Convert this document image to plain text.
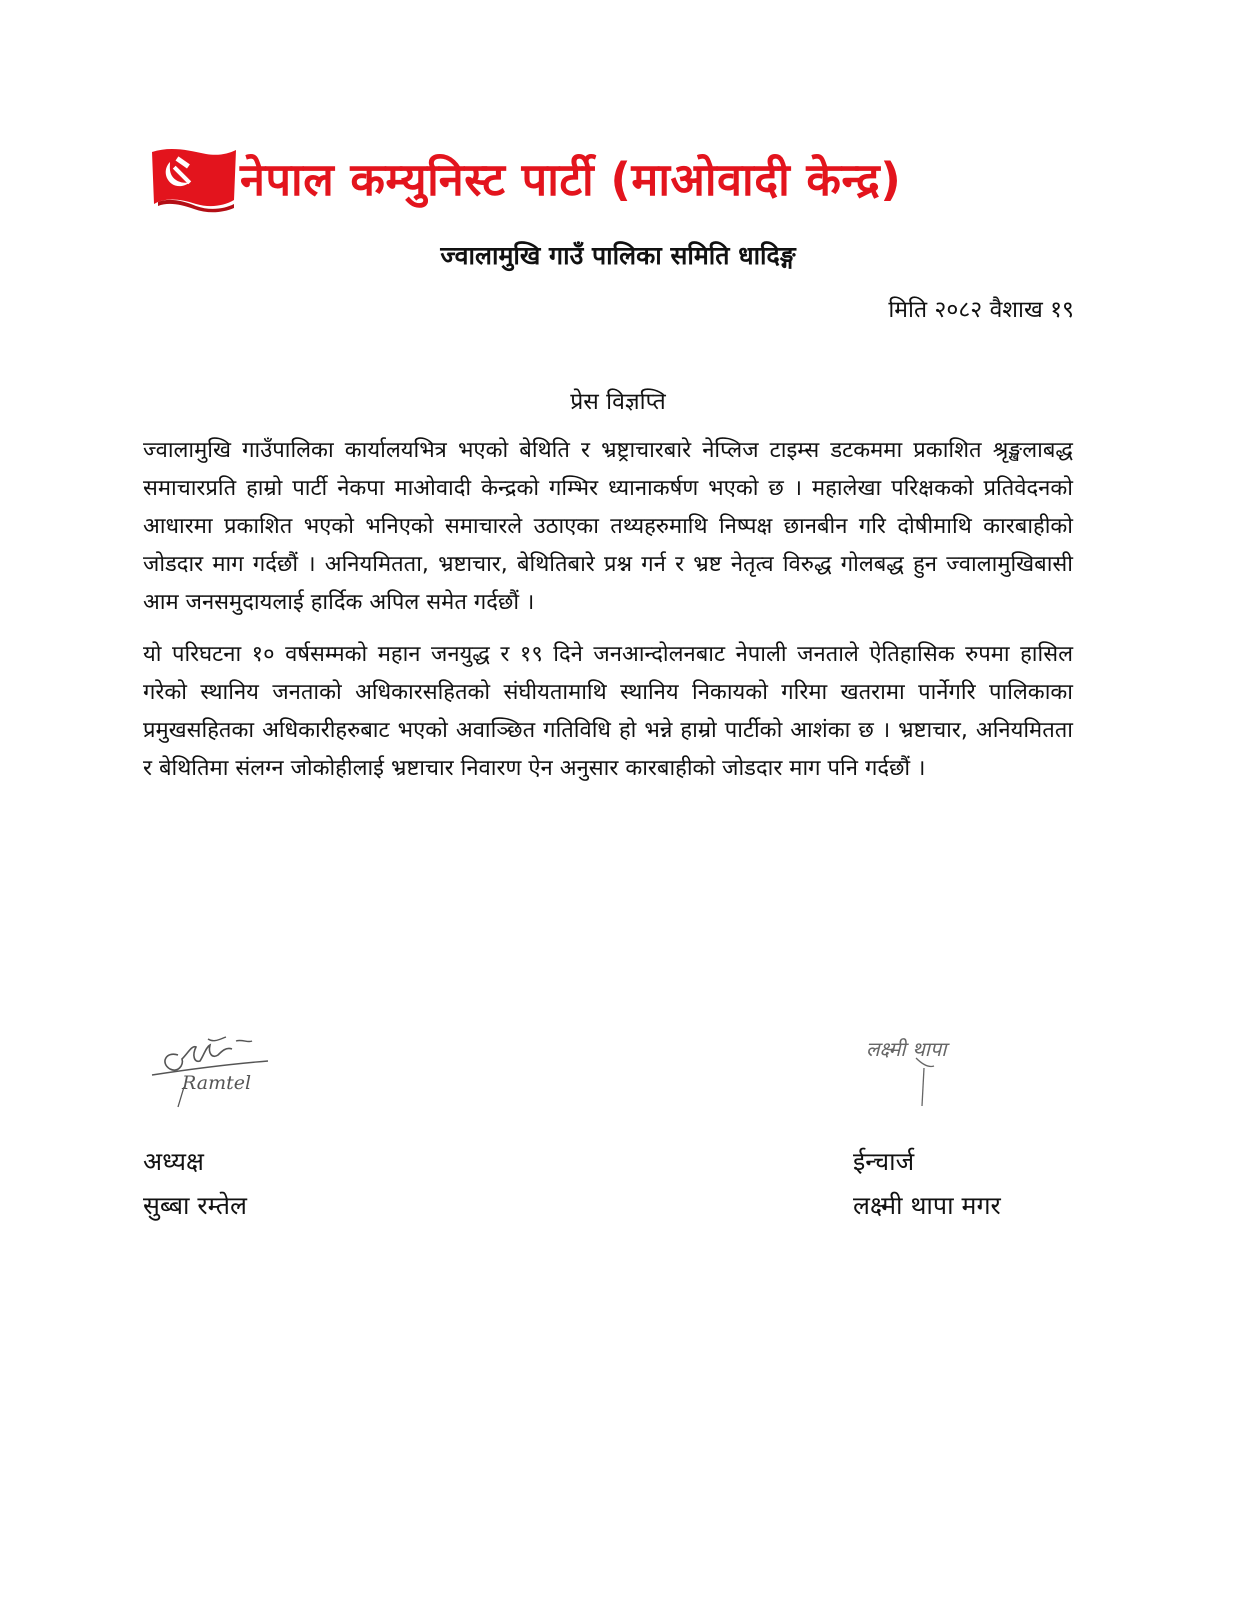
नेपाल कम्युनिस्ट पार्टी (माओवादी केन्द्र)
ज्वालामुखि गाउँ पालिका समिति धादिङ्ग
मिति २०८२ वैशाख १९
प्रेस विज्ञप्ति

ज्वालामुखि गाउँपालिका कार्यालयभित्र भएको बेथिति र भ्रष्ट्राचारबारे नेप्लिज टाइम्स डटकममा प्रकाशित श्रृङ्खलाबद्ध समाचारप्रति हाम्रो पार्टी नेकपा माओवादी केन्द्रको गम्भिर ध्यानाकर्षण भएको छ । महालेखा परिक्षकको प्रतिवेदनको आधारमा प्रकाशित भएको भनिएको समाचारले उठाएका तथ्यहरुमाथि निष्पक्ष छानबीन गरि दोषीमाथि कारबाहीको जोडदार माग गर्दछौं । अनियमितता, भ्रष्टाचार, बेथितिबारे प्रश्न गर्न र भ्रष्ट नेतृत्व विरुद्ध गोलबद्ध हुन ज्वालामुखिबासी आम जनसमुदायलाई हार्दिक अपिल समेत गर्दछौं ।

यो परिघटना १० वर्षसम्मको महान जनयुद्ध र १९ दिने जनआन्दोलनबाट नेपाली जनताले ऐतिहासिक रुपमा हासिल गरेको स्थानिय जनताको अधिकारसहितको संघीयतामाथि स्थानिय निकायको गरिमा खतरामा पार्नेगरि पालिकाका प्रमुखसहितका अधिकारीहरुबाट भएको अवाञ्छित गतिविधि हो भन्ने हाम्रो पार्टीको आशंका छ । भ्रष्टाचार, अनियमितता र बेथितिमा संलग्न जोकोहीलाई भ्रष्टाचार निवारण ऐन अनुसार कारबाहीको जोडदार माग पनि गर्दछौं ।

Ramtel
लक्ष्मी थापा
अध्यक्ष
सुब्बा रम्तेल
ईन्चार्ज
लक्ष्मी थापा मगर
